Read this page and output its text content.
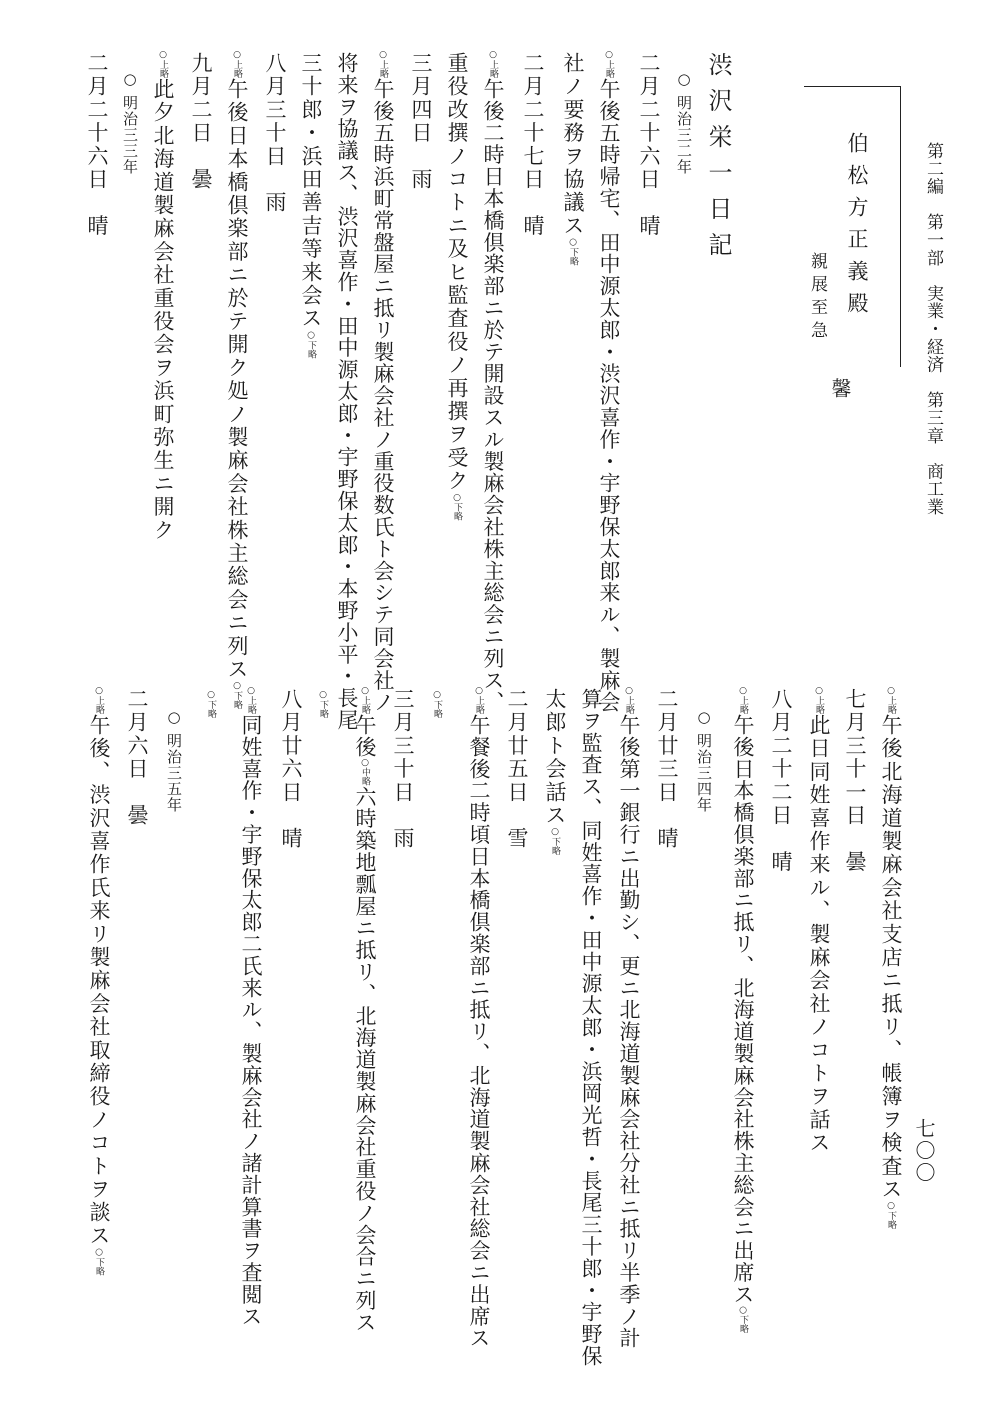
第二編　第一部　実業・経済　第三章　商工業
七〇〇
伯松方正義殿
親展至急
馨
渋沢栄一日記
○ 明治三二年
二月二十六日　晴
○上略午後五時帰宅、田中源太郎・渋沢喜作・宇野保太郎来ル、製麻会
社ノ要務ヲ協議ス○下略
二月二十七日　晴
○上略午後二時日本橋倶楽部ニ於テ開設スル製麻会社株主総会ニ列ス、
重役改撰ノコトニ及ヒ監査役ノ再撰ヲ受ク○下略
三月四日　雨
○上略午後五時浜町常盤屋ニ抵リ製麻会社ノ重役数氏ト会シテ同会社ノ
将来ヲ協議ス、渋沢喜作・田中源太郎・宇野保太郎・本野小平・長尾
三十郎・浜田善吉等来会ス○下略
八月三十日　雨
○上略午後日本橋倶楽部ニ於テ開ク処ノ製麻会社株主総会ニ列ス○下略
九月二日　曇
○上略此夕北海道製麻会社重役会ヲ浜町弥生ニ開ク
○ 明治三三年
二月二十六日　晴
○上略午後北海道製麻会社支店ニ抵リ、帳簿ヲ検査ス○下略
七月三十一日　曇
○上略此日同姓喜作来ル、製麻会社ノコトヲ話ス
八月二十二日　晴
○上略午後日本橋倶楽部ニ抵リ、北海道製麻会社株主総会ニ出席ス○下略
○ 明治三四年
二月廿三日　晴
○上略午後第一銀行ニ出勤シ、更ニ北海道製麻会社分社ニ抵リ半季ノ計
算ヲ監査ス、同姓喜作・田中源太郎・浜岡光哲・長尾三十郎・宇野保
太郎ト会話ス○下略
二月廿五日　雪
○上略午餐後二時頃日本橋倶楽部ニ抵リ、北海道製麻会社総会ニ出席ス
○下略
三月三十日　雨
○上略午後○中略六時築地瓢屋ニ抵リ、北海道製麻会社重役ノ会合ニ列ス
○下略
八月廿六日　晴
○上略同姓喜作・宇野保太郎二氏来ル、製麻会社ノ諸計算書ヲ査閲ス
○下略
○ 明治三五年
二月六日　曇
○上略午後、渋沢喜作氏来リ製麻会社取締役ノコトヲ談ス○下略
